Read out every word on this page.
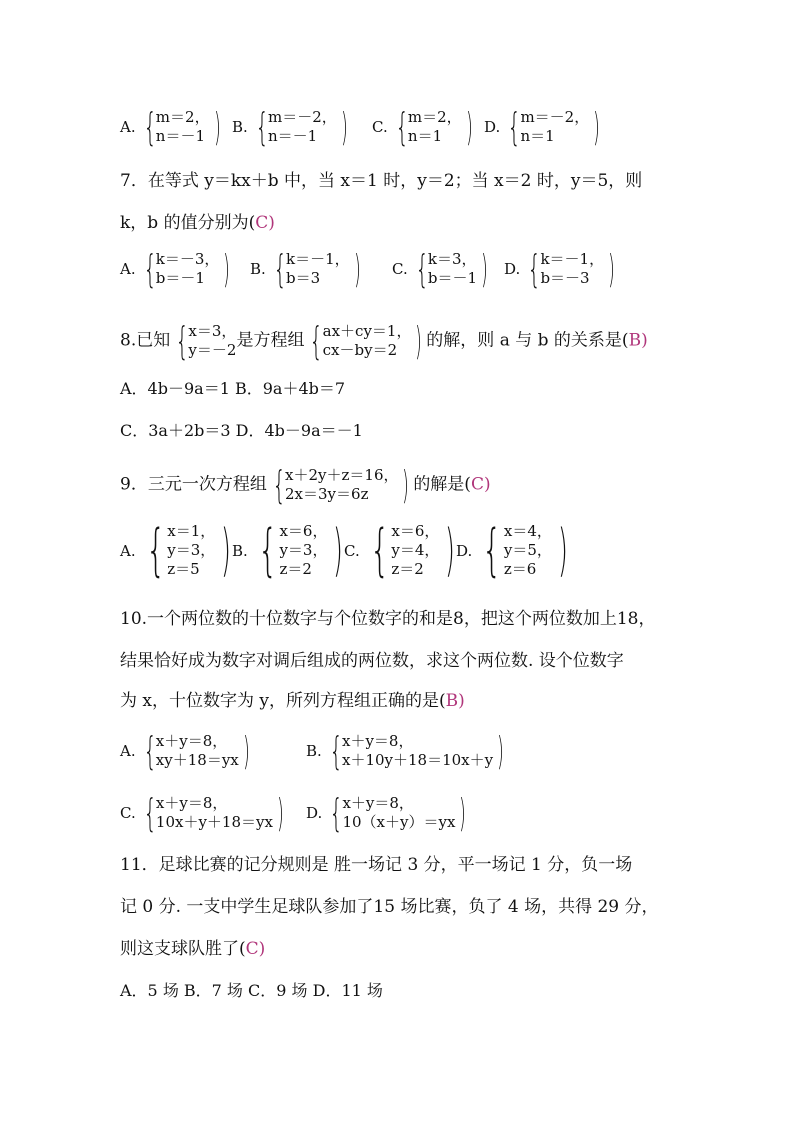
A. { m＝2，
n＝－1 ) B. { m＝－2，
n＝－1 ) C. { m＝2，
n＝1 ) D. { m＝－2，
n＝1	)
7．在等式 y＝kx＋b 中，当 x＝1 时，y＝2；当 x＝2 时，y＝5，则
k，b 的值分别为(C)
A. { k＝－3，
b＝－1 ) B. { k＝－1，
b＝3 ) C. { k＝3，
b＝－1 ) D. { k＝－1，
b＝－3 )
8.已知 { x＝3，
y＝－2 是方程组 { ax＋cy＝1，
cx－by＝2 ) 的解，则 a 与 b 的关系是(B)
A．4b－9a＝1 B．9a＋4b＝7
C．3a＋2b＝3 D．4b－9a＝－1
9．三元一次方程组 { x＋2y＋z＝16，
2x＝3y＝6z ) 的解是(C)
A. { x＝1，
y＝3，
z＝5 ) B. { x＝6，
y＝3，
z＝2 ) C. { x＝6，
y＝4，
z＝2 ) D. { x＝4，
y＝5，
z＝6 )
10.一个两位数的十位数字与个位数字的和是8，把这个两位数加上18，
结果恰好成为数字对调后组成的两位数，求这个两位数. 设个位数字
为 x，十位数字为 y，所列方程组正确的是(B)
A. { x＋y＝8，
xy＋18＝yx )	B. { x＋y＝8，
x＋10y＋18＝10x＋y )
C. { x＋y＝8，
10x＋y＋18＝yx ) D. { x＋y＝8，
10（x＋y）＝yx )
11．足球比赛的记分规则是 胜一场记 3 分，平一场记 1 分，负一场
记 0 分. 一支中学生足球队参加了15 场比赛，负了 4 场，共得 29 分，
则这支球队胜了(C)
A．5 场 B．7 场 C．9 场 D．11 场
